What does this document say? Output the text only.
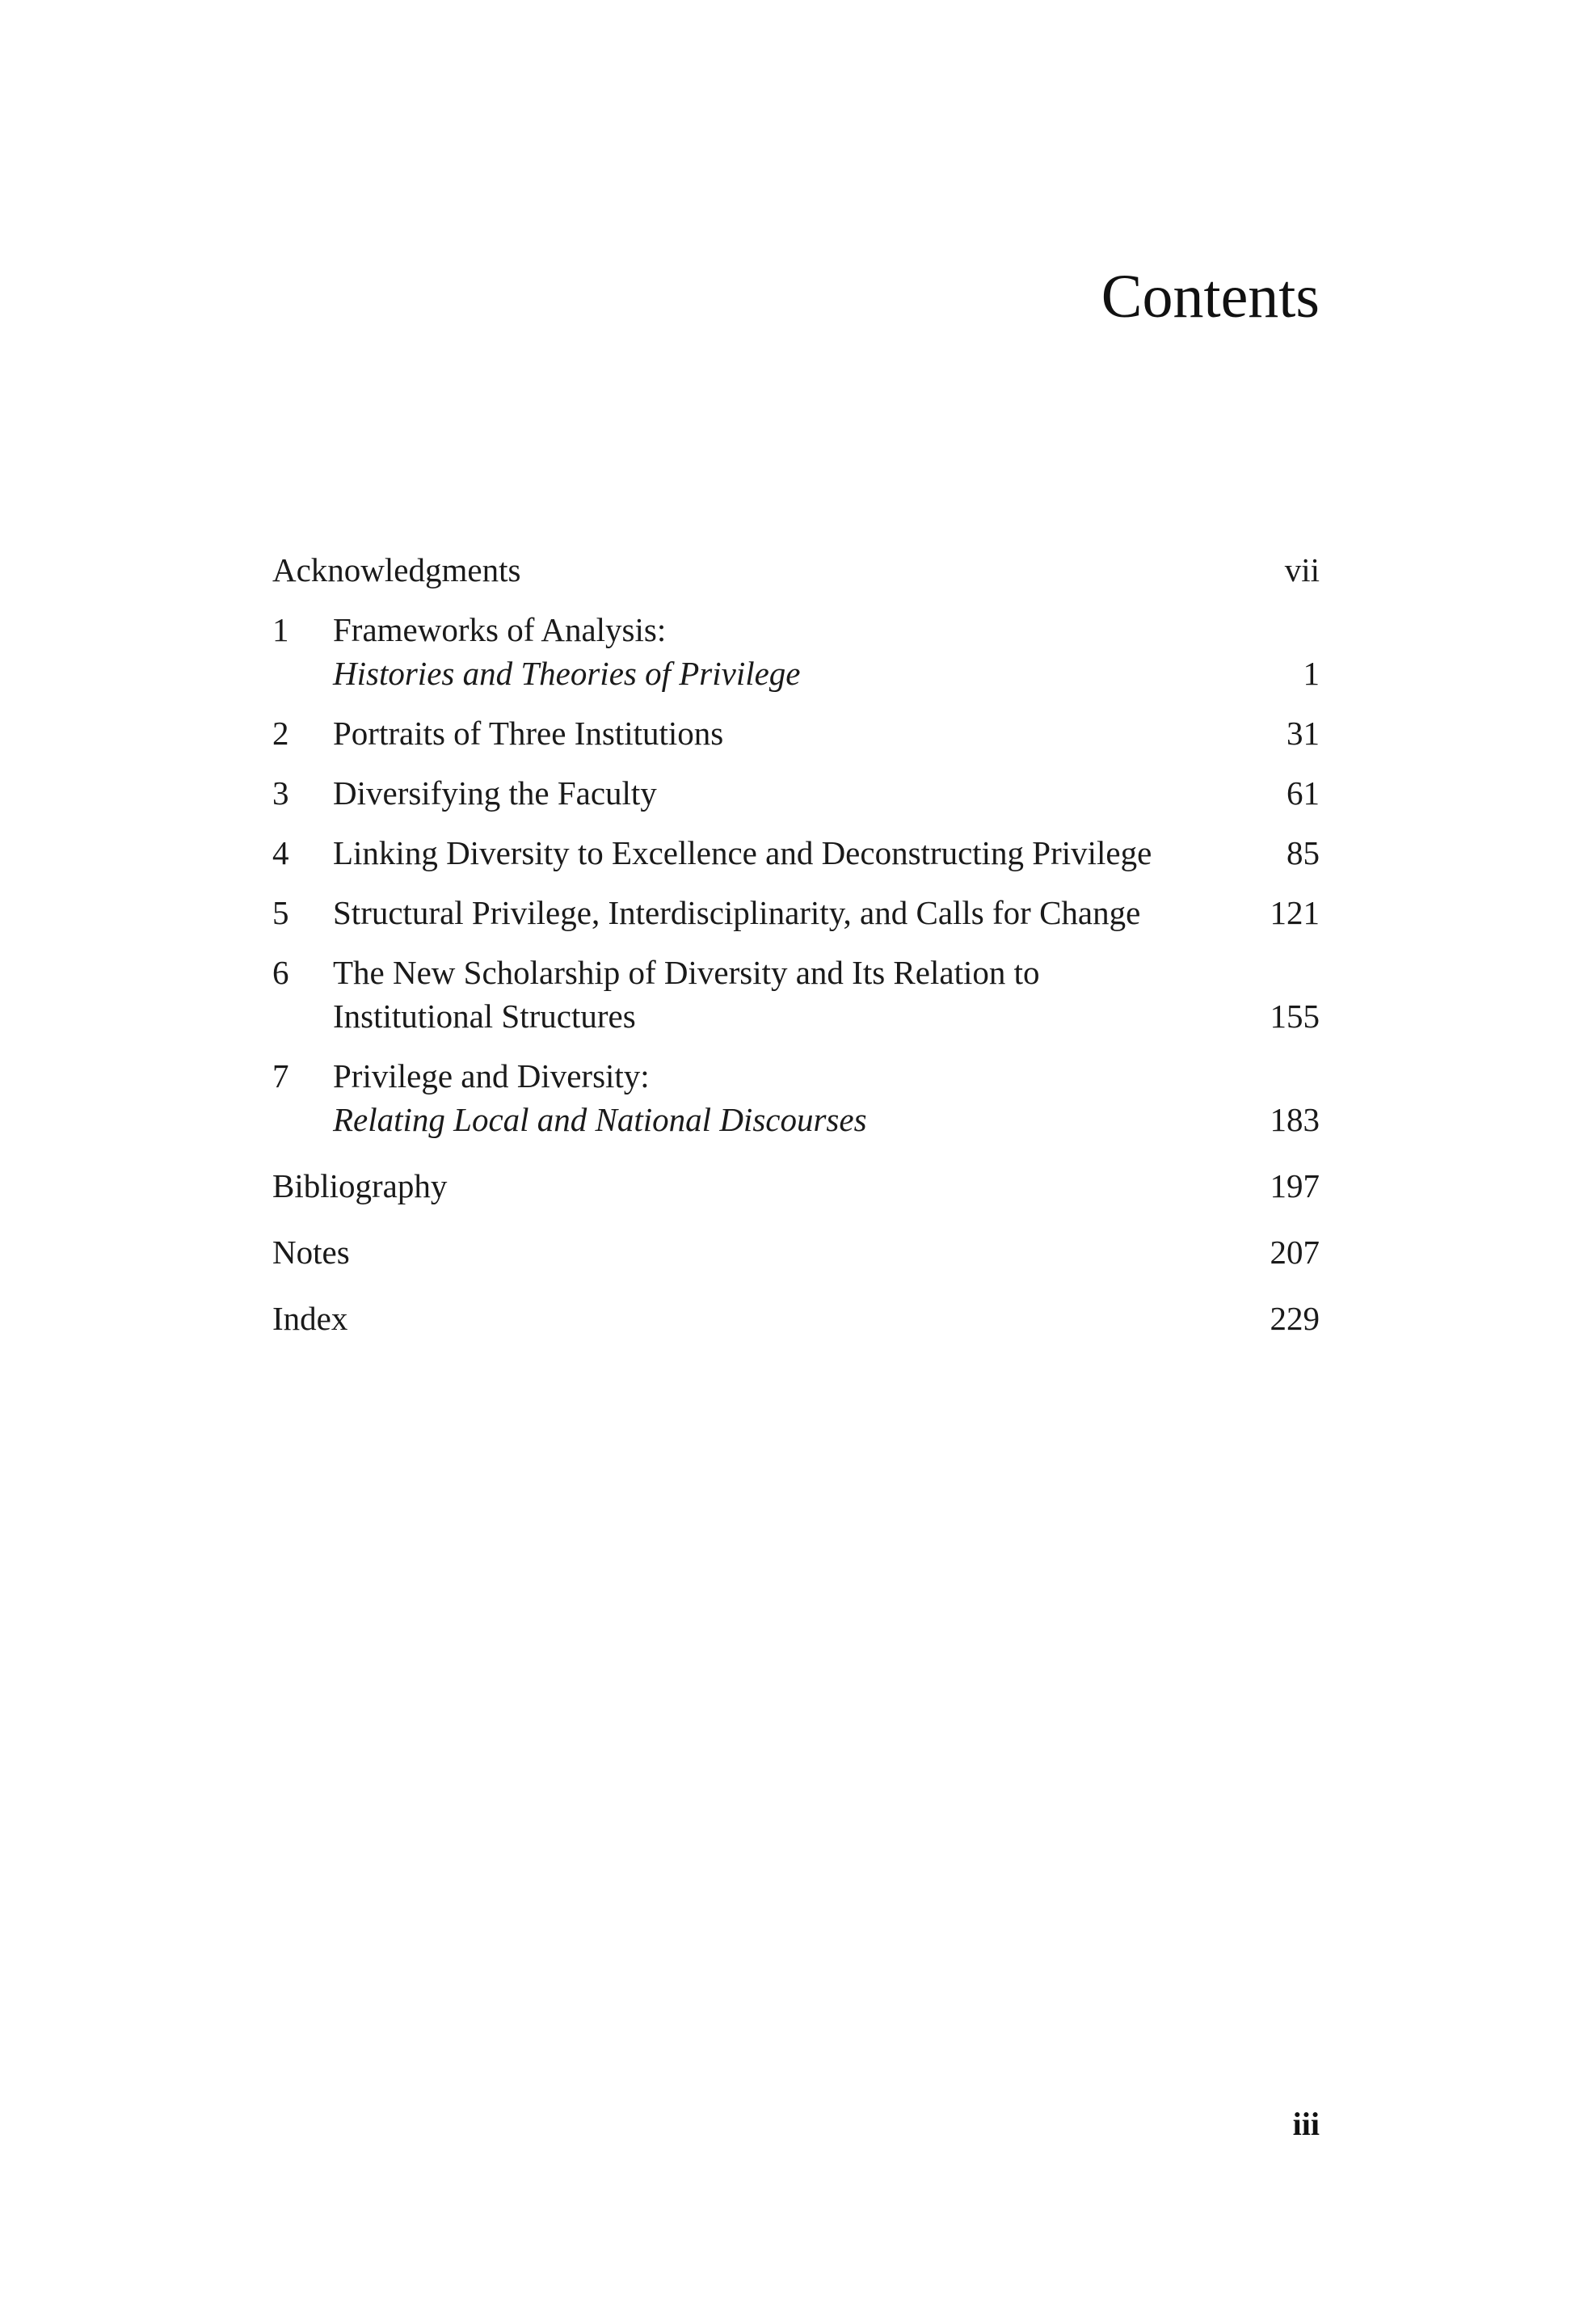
Contents
Acknowledgments	vii
1	Frameworks of Analysis:
Histories and Theories of Privilege	1
2	Portraits of Three Institutions	31
3	Diversifying the Faculty	61
4	Linking Diversity to Excellence and Deconstructing Privilege	85
5	Structural Privilege, Interdisciplinarity, and Calls for Change	121
6	The New Scholarship of Diversity and Its Relation to
Institutional Structures	155
7	Privilege and Diversity:
Relating Local and National Discourses	183
Bibliography	197
Notes	207
Index	229
iii
